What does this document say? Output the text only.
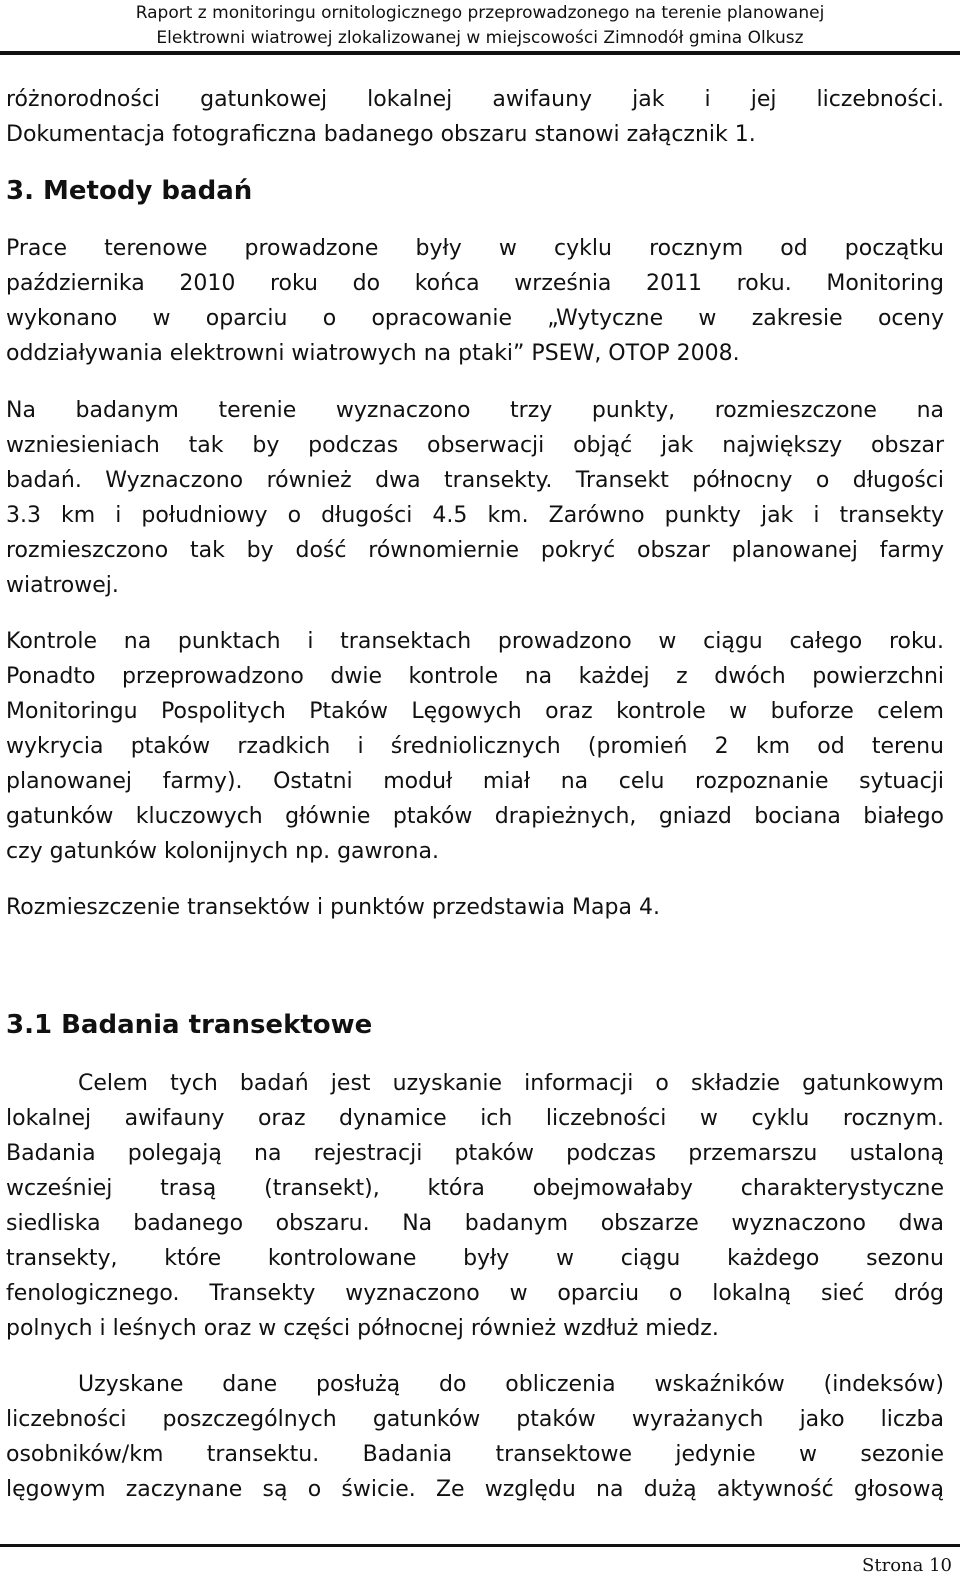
Raport z monitoringu ornitologicznego przeprowadzonego na terenie planowanej
Elektrowni wiatrowej zlokalizowanej w miejscowości Zimnodół gmina Olkusz
różnorodności gatunkowej lokalnej awifauny jak i jej liczebności.
Dokumentacja fotograficzna badanego obszaru stanowi załącznik 1.
3. Metody badań
Prace terenowe prowadzone były w cyklu rocznym od początku
października 2010 roku do końca września 2011 roku. Monitoring
wykonano w oparciu o opracowanie „Wytyczne w zakresie oceny
oddziaływania elektrowni wiatrowych na ptaki” PSEW, OTOP 2008.
Na badanym terenie wyznaczono trzy punkty, rozmieszczone na
wzniesieniach tak by podczas obserwacji objąć jak największy obszar
badań. Wyznaczono również dwa transekty. Transekt północny o długości
3.3 km i południowy o długości 4.5 km. Zarówno punkty jak i transekty
rozmieszczono tak by dość równomiernie pokryć obszar planowanej farmy
wiatrowej.
Kontrole na punktach i transektach prowadzono w ciągu całego roku.
Ponadto przeprowadzono dwie kontrole na każdej z dwóch powierzchni
Monitoringu Pospolitych Ptaków Lęgowych oraz kontrole w buforze celem
wykrycia ptaków rzadkich i średniolicznych (promień 2 km od terenu
planowanej farmy). Ostatni moduł miał na celu rozpoznanie sytuacji
gatunków kluczowych głównie ptaków drapieżnych, gniazd bociana białego
czy gatunków kolonijnych np. gawrona.
Rozmieszczenie transektów i punktów przedstawia Mapa 4.
3.1 Badania transektowe
Celem tych badań jest uzyskanie informacji o składzie gatunkowym
lokalnej awifauny oraz dynamice ich liczebności w cyklu rocznym.
Badania polegają na rejestracji ptaków podczas przemarszu ustaloną
wcześniej trasą (transekt), która obejmowałaby charakterystyczne
siedliska badanego obszaru. Na badanym obszarze wyznaczono dwa
transekty, które kontrolowane były w ciągu każdego sezonu
fenologicznego. Transekty wyznaczono w oparciu o lokalną sieć dróg
polnych i leśnych oraz w części północnej również wzdłuż miedz.
Uzyskane dane posłużą do obliczenia wskaźników (indeksów)
liczebności poszczególnych gatunków ptaków wyrażanych jako liczba
osobników/km transektu. Badania transektowe jedynie w sezonie
lęgowym zaczynane są o świcie. Ze względu na dużą aktywność głosową
Strona 10
